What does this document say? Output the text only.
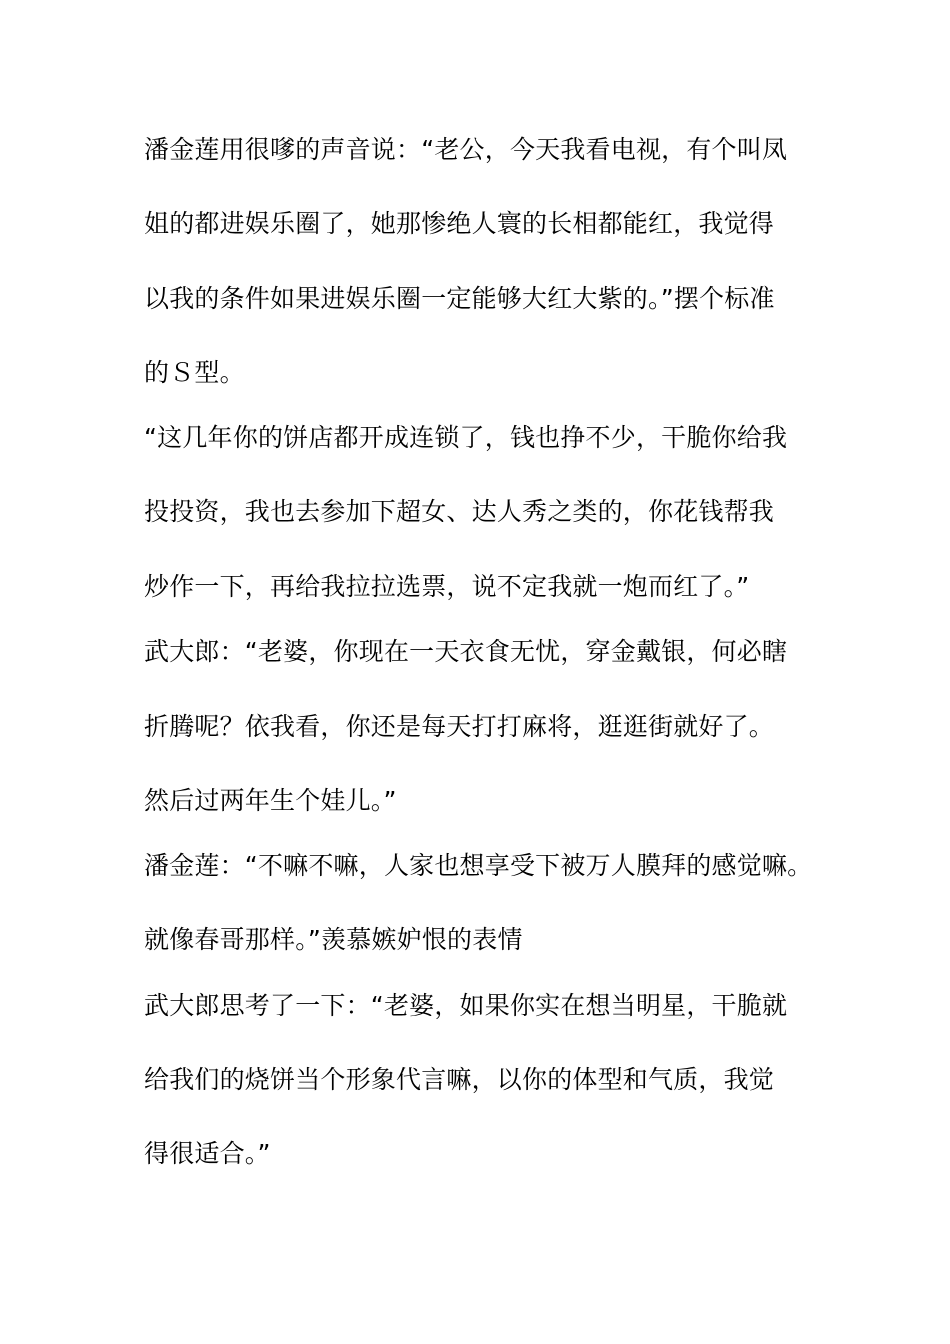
潘金莲用很嗲的声音说：“老公，今天我看电视，有个叫凤
姐的都进娱乐圈了，她那惨绝人寰的长相都能红，我觉得
以我的条件如果进娱乐圈一定能够大红大紫的。”摆个标准
的Ｓ型。
“这几年你的饼店都开成连锁了，钱也挣不少，干脆你给我
投投资，我也去参加下超女、达人秀之类的，你花钱帮我
炒作一下，再给我拉拉选票，说不定我就一炮而红了。”
武大郎：“老婆，你现在一天衣食无忧，穿金戴银，何必瞎
折腾呢？依我看，你还是每天打打麻将，逛逛街就好了。
然后过两年生个娃儿。”
潘金莲：“不嘛不嘛，人家也想享受下被万人膜拜的感觉嘛。
就像春哥那样。”羡慕嫉妒恨的表情
武大郎思考了一下：“老婆，如果你实在想当明星，干脆就
给我们的烧饼当个形象代言嘛，以你的体型和气质，我觉
得很适合。”
